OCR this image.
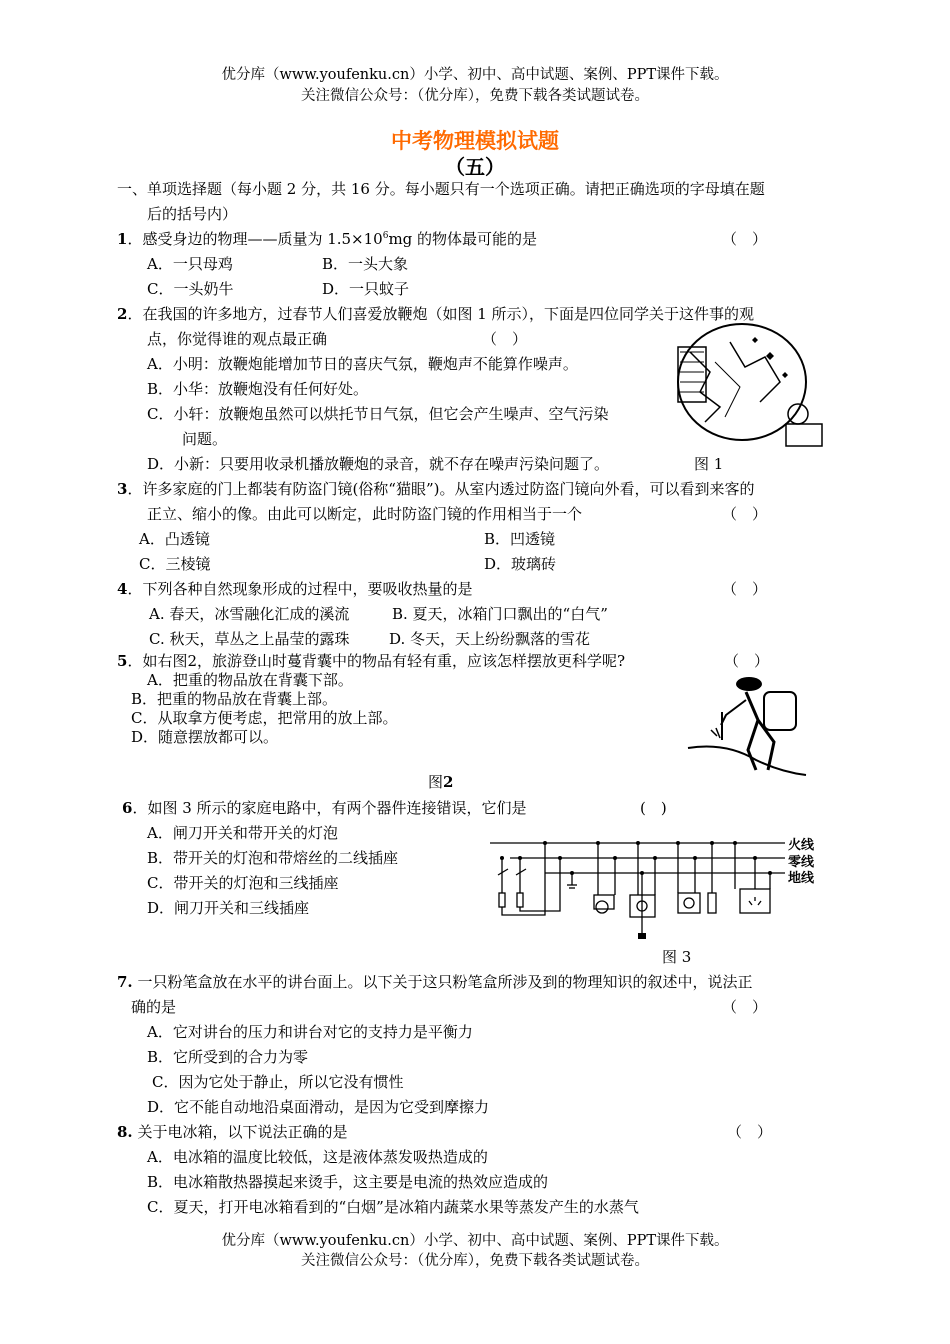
优分库（www.youfenku.cn）小学、初中、高中试题、案例、PPT课件下载。
关注微信公众号：（优分库），免费下载各类试题试卷。
中考物理模拟试题
（五）
一、单项选择题（每小题 2 分，共 16 分。每小题只有一个选项正确。请把正确选项的字母填在题
后的括号内）
1．感受身边的物理——质量为 $1.5\times 10^6mg$ 的物体最可能的是	（　）
A．一只母鸡	B．一头大象
C．一头奶牛	D．一只蚊子
2．在我国的许多地方，过春节人们喜爱放鞭炮（如图 1 所示），下面是四位同学关于这件事的观
点，你觉得谁的观点最正确	（　）
A．小明：放鞭炮能增加节日的喜庆气氛，鞭炮声不能算作噪声。
B．小华：放鞭炮没有任何好处。
C．小轩：放鞭炮虽然可以烘托节日气氛，但它会产生噪声、空气污染
问题。
D．小新：只要用收录机播放鞭炮的录音，就不存在噪声污染问题了。	图 1
3．许多家庭的门上都装有防盗门镜(俗称“猫眼”)。从室内透过防盗门镜向外看，可以看到来客的
正立、缩小的像。由此可以断定，此时防盗门镜的作用相当于一个	（　）
A．凸透镜	B．凹透镜
C．三棱镜	D．玻璃砖
4．下列各种自然现象形成的过程中，要吸收热量的是	（　）
A. 春天，冰雪融化汇成的溪流	B. 夏天，冰箱门口飘出的“白气”
C. 秋天，草丛之上晶莹的露珠	D. 冬天，天上纷纷飘落的雪花
5．如右图2，旅游登山时蔓背囊中的物品有轻有重，应该怎样摆放更科学呢?	（　）
A．把重的物品放在背囊下部。
B．把重的物品放在背囊上部。
C．从取拿方便考虑，把常用的放上部。
D．随意摆放都可以。
图2
6．如图 3 所示的家庭电路中，有两个器件连接错误，它们是	(　)
A．闸刀开关和带开关的灯泡
B．带开关的灯泡和带熔丝的二线插座
C．带开关的灯泡和三线插座
D．闸刀开关和三线插座
火线
零线
地线
图 3
7. 一只粉笔盒放在水平的讲台面上。以下关于这只粉笔盒所涉及到的物理知识的叙述中，说法正
确的是	（　）
A．它对讲台的压力和讲台对它的支持力是平衡力
B．它所受到的合力为零
C．因为它处于静止，所以它没有惯性
D．它不能自动地沿桌面滑动，是因为它受到摩擦力
8. 关于电冰箱，以下说法正确的是	（　）
A．电冰箱的温度比较低，这是液体蒸发吸热造成的
B．电冰箱散热器摸起来烫手，这主要是电流的热效应造成的
C．夏天，打开电冰箱看到的“白烟”是冰箱内蔬菜水果等蒸发产生的水蒸气
优分库（www.youfenku.cn）小学、初中、高中试题、案例、PPT课件下载。
关注微信公众号：（优分库），免费下载各类试题试卷。
